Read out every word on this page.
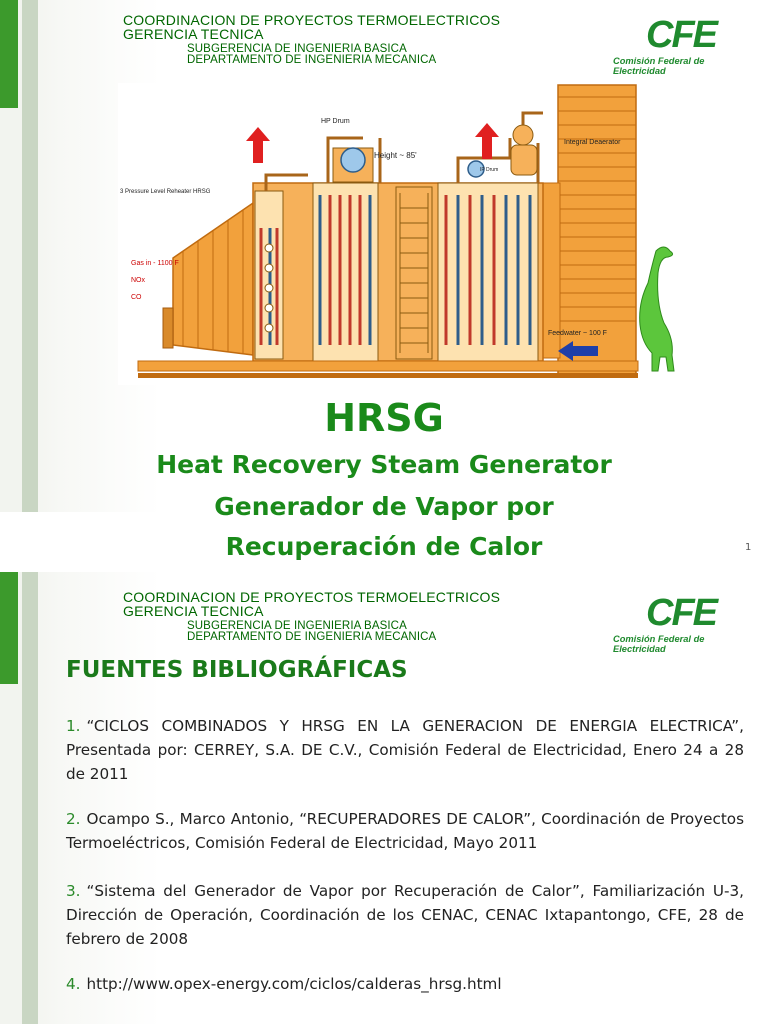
COORDINACION DE PROYECTOS TERMOELECTRICOS
GERENCIA TECNICA
SUBGERENCIA DE INGENIERIA BASICA
DEPARTAMENTO DE INGENIERIA MECANICA
CFE
Comisión Federal de Electricidad
HP Drum
Height ~ 85'
Integral Deaerator
IP Drum
3 Pressure Level Reheater HRSG
Gas in - 1100 F
NOx
CO
Feedwater ~ 100 F
HRSG
Heat Recovery Steam Generator
Generador de Vapor por
1
Recuperación de Calor
COORDINACION DE PROYECTOS TERMOELECTRICOS
GERENCIA TECNICA
SUBGERENCIA DE INGENIERIA BASICA
DEPARTAMENTO DE INGENIERIA MECANICA
CFE
Comisión Federal de Electricidad
FUENTES BIBLIOGRÁFICAS
1. “CICLOS COMBINADOS Y HRSG EN LA GENERACION DE ENERGIA ELECTRICA”, Presentada por: CERREY, S.A. DE C.V., Comisión Federal de Electricidad, Enero 24 a 28 de 2011
2. Ocampo S., Marco Antonio, “RECUPERADORES DE CALOR”, Coordinación de Proyectos Termoeléctricos, Comisión Federal de Electricidad, Mayo 2011
3. “Sistema del Generador de Vapor por Recuperación de Calor”, Familiarización U-3, Dirección de Operación, Coordinación de los CENAC, CENAC Ixtapantongo, CFE, 28 de febrero de 2008
4. http://www.opex-energy.com/ciclos/calderas_hrsg.html
